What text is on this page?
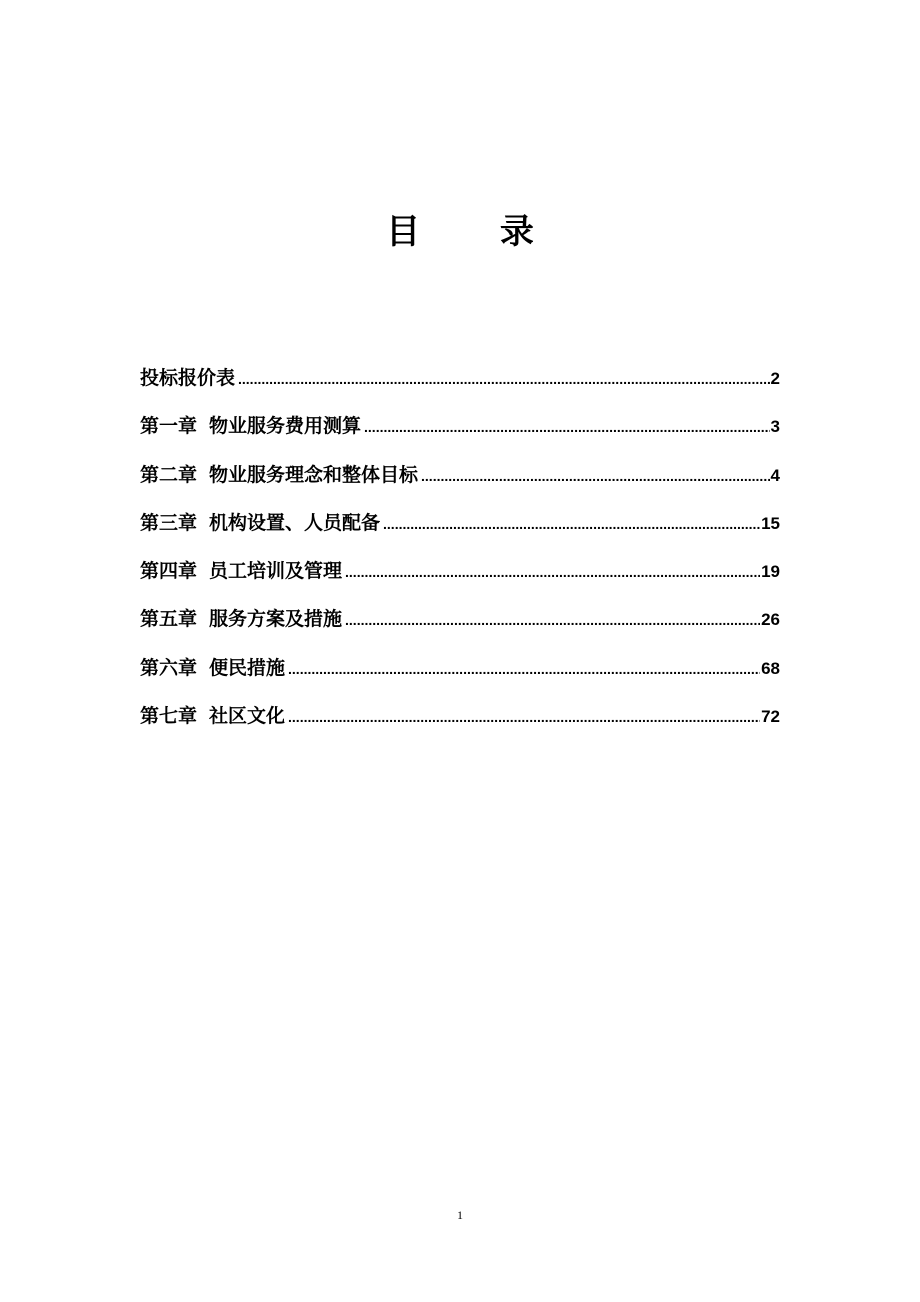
目 录
投标报价表 .....	2
第一章 物业服务费用测算 .....	3
第二章 物业服务理念和整体目标 .....	4
第三章 机构设置、人员配备 .....	15
第四章 员工培训及管理 .....	19
第五章 服务方案及措施 .....	26
第六章 便民措施 .....	68
第七章 社区文化 .....	72
1
